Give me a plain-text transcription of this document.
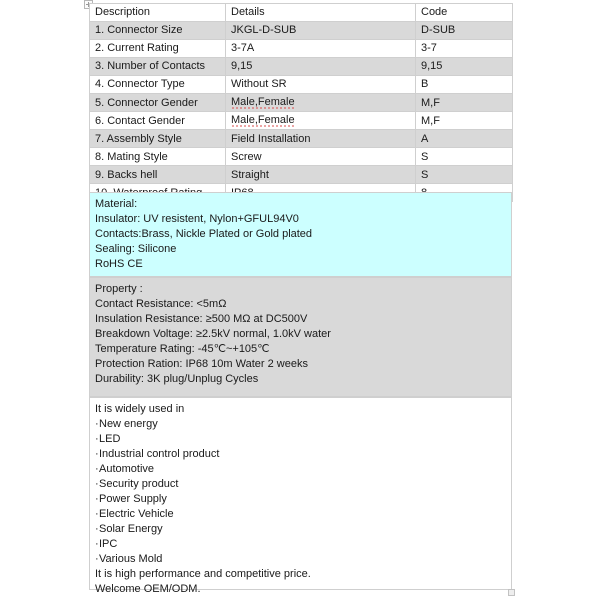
Description	Details	Code
1. Connector Size	JKGL-D-SUB	D-SUB
2. Current Rating	3-7A	3-7
3. Number of Contacts	9,15	9,15
4. Connector Type	Without SR	B
5. Connector Gender	Male,Female	M,F
6. Contact Gender	Male,Female	M,F
7. Assembly Style	Field Installation	A
8. Mating Style	Screw	S
9. Backs hell	Straight	S

Material:
Insulator: UV resistent, Nylon+GFUL94V0
Contacts:Brass, Nickle Plated or Gold plated
Sealing: Silicone
RoHS CE
Property :
Contact Resistance: <5mΩ
Insulation Resistance: ≥500 MΩ at DC500V
Breakdown Voltage: ≥2.5kV normal, 1.0kV water
Temperature Rating: -45℃~+105℃
Protection Ration: IP68 10m Water 2 weeks
Durability: 3K plug/Unplug Cycles
It is widely used in
·New energy
·LED
·Industrial control product
·Automotive
·Security product
·Power Supply
·Electric Vehicle
·Solar Energy
·IPC
·Various Mold
It is high performance and competitive price.
Welcome OEM/ODM.
